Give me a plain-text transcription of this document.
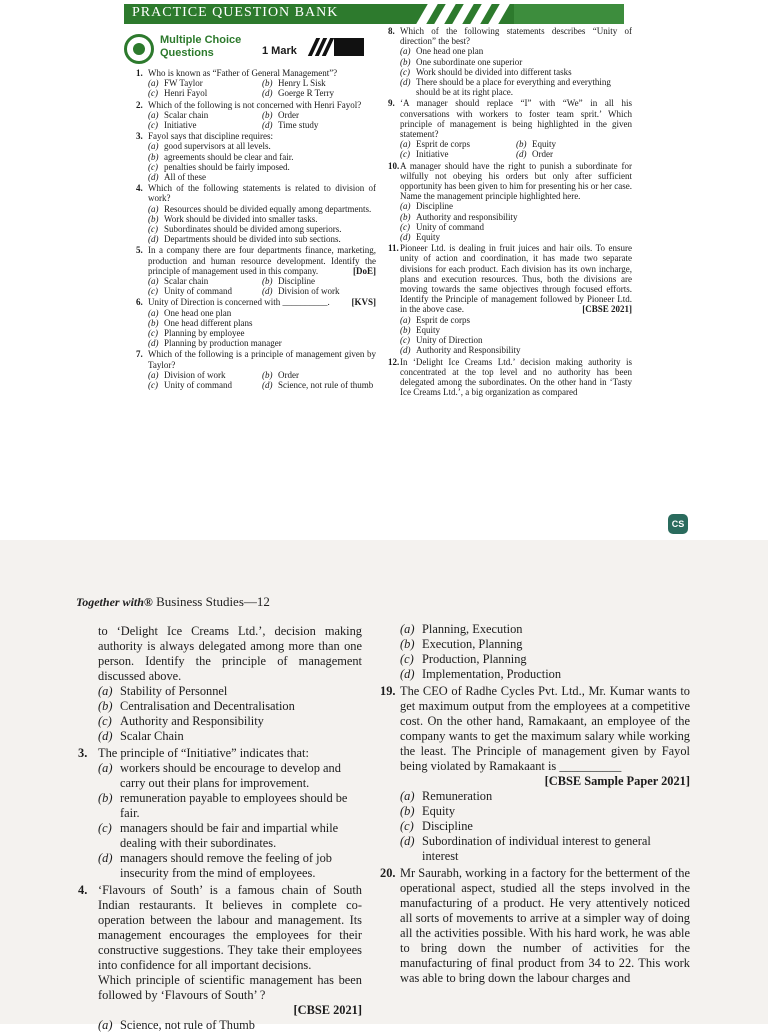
PRACTICE QUESTION BANK
Multiple Choice
Questions	1 Mark
1. Who is known as “Father of General Management”?
(a) FW Taylor	(b) Henry L Sisk
(c) Henri Fayol	(d) Goerge R Terry
2. Which of the following is not concerned with Henri Fayol?
(a) Scalar chain	(b) Order
(c) Initiative	(d) Time study
3. Fayol says that discipline requires:
(a) good supervisors at all levels.
(b) agreements should be clear and fair.
(c) penalties should be fairly imposed.
(d) All of these
4. Which of the following statements is related to division of work?
(a) Resources should be divided equally among departments.
(b) Work should be divided into smaller tasks.
(c) Subordinates should be divided among superiors.
(d) Departments should be divided into sub sections.
5. In a company there are four departments finance, marketing, production and human resource development. Identify the principle of management used in this company.	[DoE]
(a) Scalar chain	(b) Discipline
(c) Unity of command	(d) Division of work
6. Unity of Direction is concerned with __________. [KVS]
(a) One head one plan
(b) One head different plans
(c) Planning by employee
(d) Planning by production manager
7. Which of the following is a principle of management given by Taylor?
(a) Division of work	(b) Order
(c) Unity of command	(d) Science, not rule of thumb
8. Which of the following statements describes “Unity of direction” the best?
(a) One head one plan
(b) One subordinate one superior
(c) Work should be divided into different tasks
(d) There should be a place for everything and everything should be at its right place.
9. ‘A manager should replace “I” with “We” in all his conversations with workers to foster team sprit.’ Which principle of management is being highlighted in the given statement?
(a) Esprit de corps	(b) Equity
(c) Initiative	(d) Order
10. A manager should have the right to punish a subordinate for wilfully not obeying his orders but only after sufficient opportunity has been given to him for presenting his or her case. Name the management principle highlighted here.
(a) Discipline
(b) Authority and responsibility
(c) Unity of command
(d) Equity
11. Pioneer Ltd. is dealing in fruit juices and hair oils. To ensure unity of action and coordination, it has made two separate divisions for each product. Each division has its own incharge, plans and execution resources. Thus, both the divisions are moving towards the same objectives through focused efforts. Identify the Principle of management followed by Pioneer Ltd. in the above case.	[CBSE 2021]
(a) Esprit de corps
(b) Equity
(c) Unity of Direction
(d) Authority and Responsibility
12. In ‘Delight Ice Creams Ltd.’ decision making authority is concentrated at the top level and no authority has been delegated among the subordinates. On the other hand in ‘Tasty Ice Creams Ltd.’, a big organization as compared
CS
Together with® Business Studies—12
to ‘Delight Ice Creams Ltd.’, decision making authority is always delegated among more than one person. Identify the principle of management discussed above.
(a) Stability of Personnel
(b) Centralisation and Decentralisation
(c) Authority and Responsibility
(d) Scalar Chain
3. The principle of “Initiative” indicates that:
(a) workers should be encourage to develop and carry out their plans for improvement.
(b) remuneration payable to employees should be fair.
(c) managers should be fair and impartial while dealing with their subordinates.
(d) managers should remove the feeling of job insecurity from the mind of employees.
4. ‘Flavours of South’ is a famous chain of South Indian restaurants. It believes in complete co-operation between the labour and management. Its management encourages the employees for their constructive suggestions. They take their employees into confidence for all important decisions.
Which principle of scientific management has been followed by ‘Flavours of South’ ?
[CBSE 2021]
(a) Science, not rule of Thumb
(a) Planning, Execution
(b) Execution, Planning
(c) Production, Planning
(d) Implementation, Production
19. The CEO of Radhe Cycles Pvt. Ltd., Mr. Kumar wants to get maximum output from the employees at a competitive cost. On the other hand, Ramakaant, an employee of the company wants to get the maximum salary while working the least. The Principle of management given by Fayol being violated by Ramakaant is __________
[CBSE Sample Paper 2021]
(a) Remuneration
(b) Equity
(c) Discipline
(d) Subordination of individual interest to general interest
20. Mr Saurabh, working in a factory for the betterment of the operational aspect, studied all the steps involved in the manufacturing of a product. He very attentively noticed all sorts of movements to arrive at a simpler way of doing all the activities possible. With his hard work, he was able to bring down the number of activities for the manufacturing of final product from 34 to 22. This work was able to bring down the labour charges and
